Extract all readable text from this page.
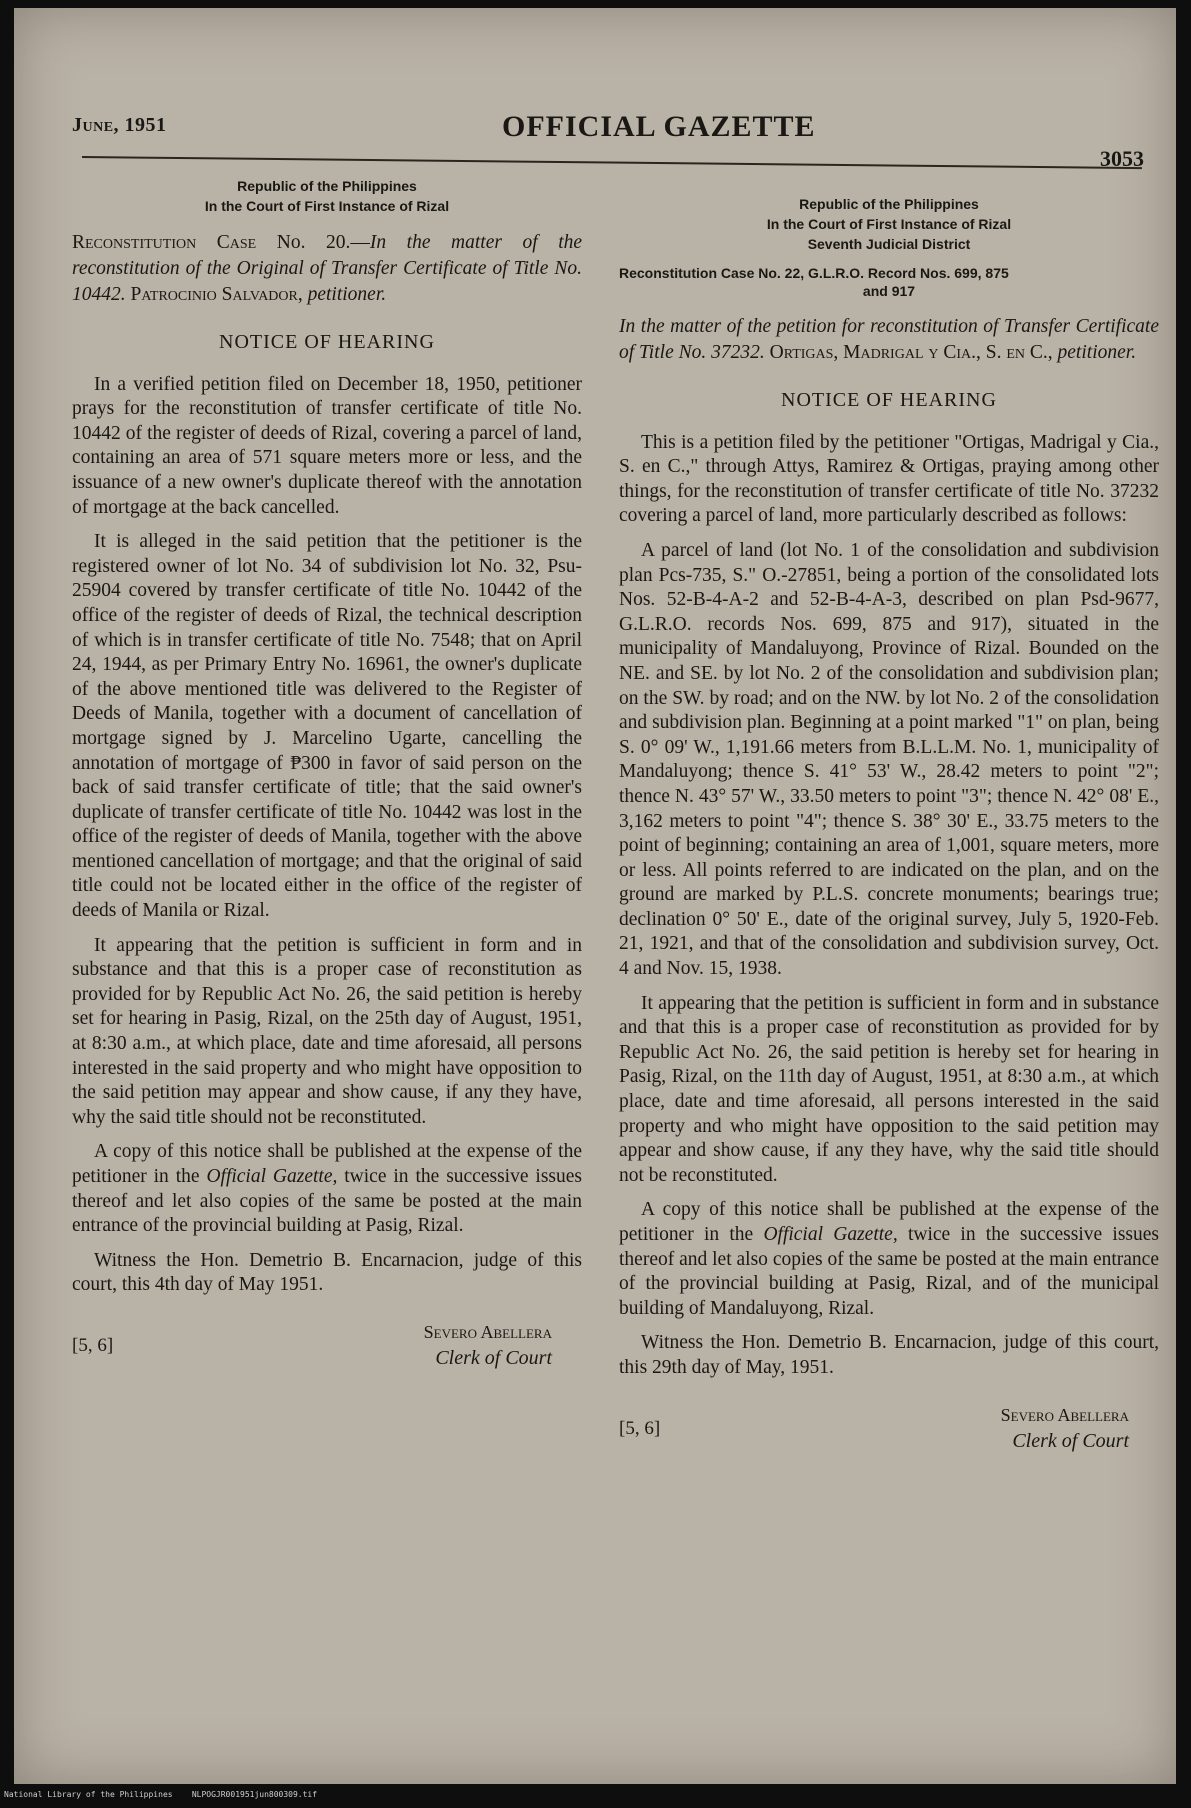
June, 1951	OFFICIAL GAZETTE
3053
Republic of the Philippines
In the Court of First Instance of Rizal
Reconstitution Case No. 20.—In the matter of the reconstitution of the Original of Transfer Certificate of Title No. 10442. Patrocinio Salvador, petitioner.
NOTICE OF HEARING

In a verified petition filed on December 18, 1950, petitioner prays for the reconstitution of transfer certificate of title No. 10442 of the register of deeds of Rizal, covering a parcel of land, containing an area of 571 square meters more or less, and the issuance of a new owner's duplicate thereof with the annotation of mortgage at the back cancelled.

It is alleged in the said petition that the petitioner is the registered owner of lot No. 34 of subdivision lot No. 32, Psu-25904 covered by transfer certificate of title No. 10442 of the office of the register of deeds of Rizal, the technical description of which is in transfer certificate of title No. 7548; that on April 24, 1944, as per Primary Entry No. 16961, the owner's duplicate of the above mentioned title was delivered to the Register of Deeds of Manila, together with a document of cancellation of mortgage signed by J. Marcelino Ugarte, cancelling the annotation of mortgage of ₱300 in favor of said person on the back of said transfer certificate of title; that the said owner's duplicate of transfer certificate of title No. 10442 was lost in the office of the register of deeds of Manila, together with the above mentioned cancellation of mortgage; and that the original of said title could not be located either in the office of the register of deeds of Manila or Rizal.

It appearing that the petition is sufficient in form and in substance and that this is a proper case of reconstitution as provided for by Republic Act No. 26, the said petition is hereby set for hearing in Pasig, Rizal, on the 25th day of August, 1951, at 8:30 a.m., at which place, date and time aforesaid, all persons interested in the said property and who might have opposition to the said petition may appear and show cause, if any they have, why the said title should not be reconstituted.

A copy of this notice shall be published at the expense of the petitioner in the Official Gazette, twice in the successive issues thereof and let also copies of the same be posted at the main entrance of the provincial building at Pasig, Rizal.

Witness the Hon. Demetrio B. Encarnacion, judge of this court, this 4th day of May 1951.

[5, 6]
Severo Abellera
Clerk of Court
Republic of the Philippines
In the Court of First Instance of Rizal
Seventh Judicial District
Reconstitution Case No. 22, G.L.R.O. Record Nos. 699, 875
and 917
In the matter of the petition for reconstitution of Transfer Certificate of Title No. 37232. Ortigas, Madrigal y Cia., S. en C., petitioner.
NOTICE OF HEARING

This is a petition filed by the petitioner "Ortigas, Madrigal y Cia., S. en C.," through Attys, Ramirez & Ortigas, praying among other things, for the reconstitution of transfer certificate of title No. 37232 covering a parcel of land, more particularly described as follows:

A parcel of land (lot No. 1 of the consolidation and subdivision plan Pcs-735, S." O.-27851, being a portion of the consolidated lots Nos. 52-B-4-A-2 and 52-B-4-A-3, described on plan Psd-9677, G.L.R.O. records Nos. 699, 875 and 917), situated in the municipality of Mandaluyong, Province of Rizal. Bounded on the NE. and SE. by lot No. 2 of the consolidation and subdivision plan; on the SW. by road; and on the NW. by lot No. 2 of the consolidation and subdivision plan. Beginning at a point marked "1" on plan, being S. 0° 09' W., 1,191.66 meters from B.L.L.M. No. 1, municipality of Mandaluyong; thence S. 41° 53' W., 28.42 meters to point "2"; thence N. 43° 57' W., 33.50 meters to point "3"; thence N. 42° 08' E., 3,162 meters to point "4"; thence S. 38° 30' E., 33.75 meters to the point of beginning; containing an area of 1,001, square meters, more or less. All points referred to are indicated on the plan, and on the ground are marked by P.L.S. concrete monuments; bearings true; declination 0° 50' E., date of the original survey, July 5, 1920-Feb. 21, 1921, and that of the consolidation and subdivision survey, Oct. 4 and Nov. 15, 1938.

It appearing that the petition is sufficient in form and in substance and that this is a proper case of reconstitution as provided for by Republic Act No. 26, the said petition is hereby set for hearing in Pasig, Rizal, on the 11th day of August, 1951, at 8:30 a.m., at which place, date and time aforesaid, all persons interested in the said property and who might have opposition to the said petition may appear and show cause, if any they have, why the said title should not be reconstituted.

A copy of this notice shall be published at the expense of the petitioner in the Official Gazette, twice in the successive issues thereof and let also copies of the same be posted at the main entrance of the provincial building at Pasig, Rizal, and of the municipal building of Mandaluyong, Rizal.

Witness the Hon. Demetrio B. Encarnacion, judge of this court, this 29th day of May, 1951.

[5, 6]
Severo Abellera
Clerk of Court
National Library of the Philippines    NLPOGJR001951jun800309.tif
